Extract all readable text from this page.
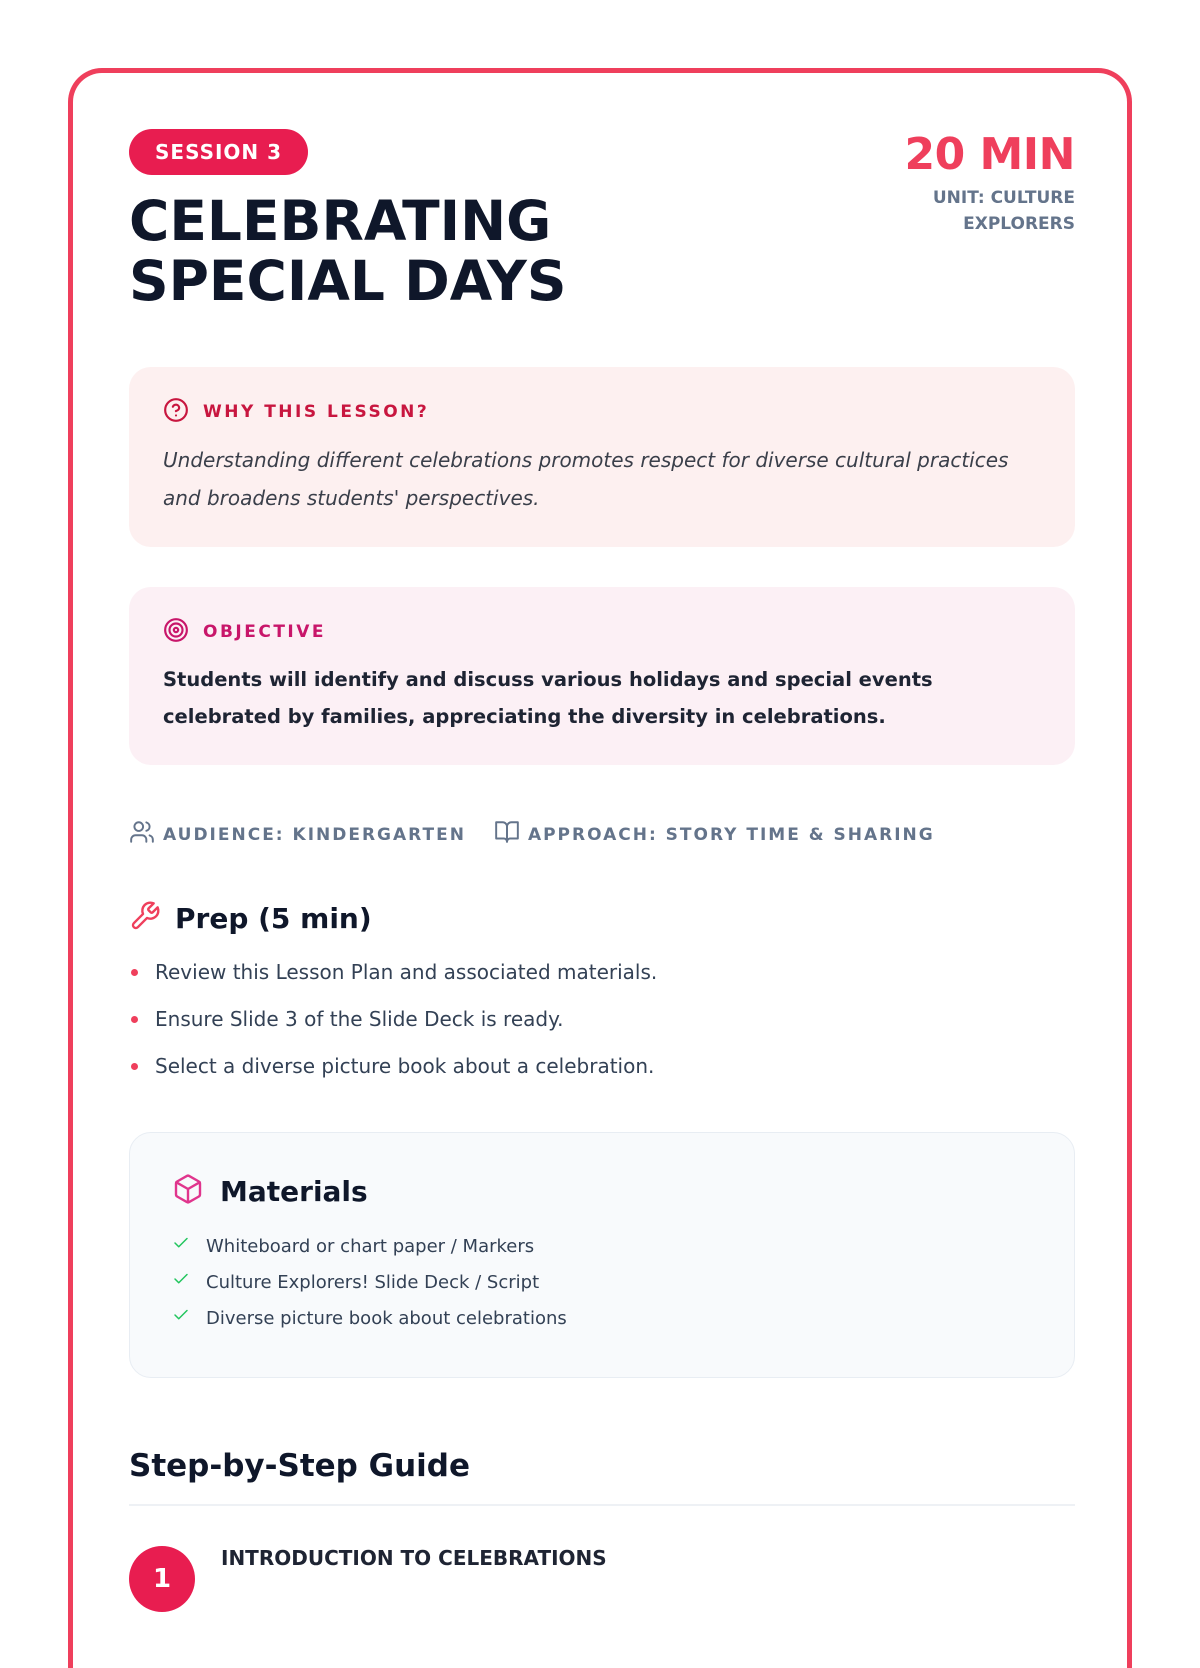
20 MIN
UNIT: CULTURE EXPLORERS
SESSION 3
CELEBRATING
SPECIAL DAYS
WHY THIS LESSON?

Understanding different celebrations promotes respect for diverse cultural practices and broadens students' perspectives.

OBJECTIVE

Students will identify and discuss various holidays and special events celebrated by families, appreciating the diversity in celebrations.

AUDIENCE: KINDERGARTEN	APPROACH: STORY TIME & SHARING
Prep (5 min)
Review this Lesson Plan and associated materials.
Ensure Slide 3 of the Slide Deck is ready.
Select a diverse picture book about a celebration.
Materials
Whiteboard or chart paper / Markers
Culture Explorers! Slide Deck / Script
Diverse picture book about celebrations
Step-by-Step Guide
1
INTRODUCTION TO CELEBRATIONS
